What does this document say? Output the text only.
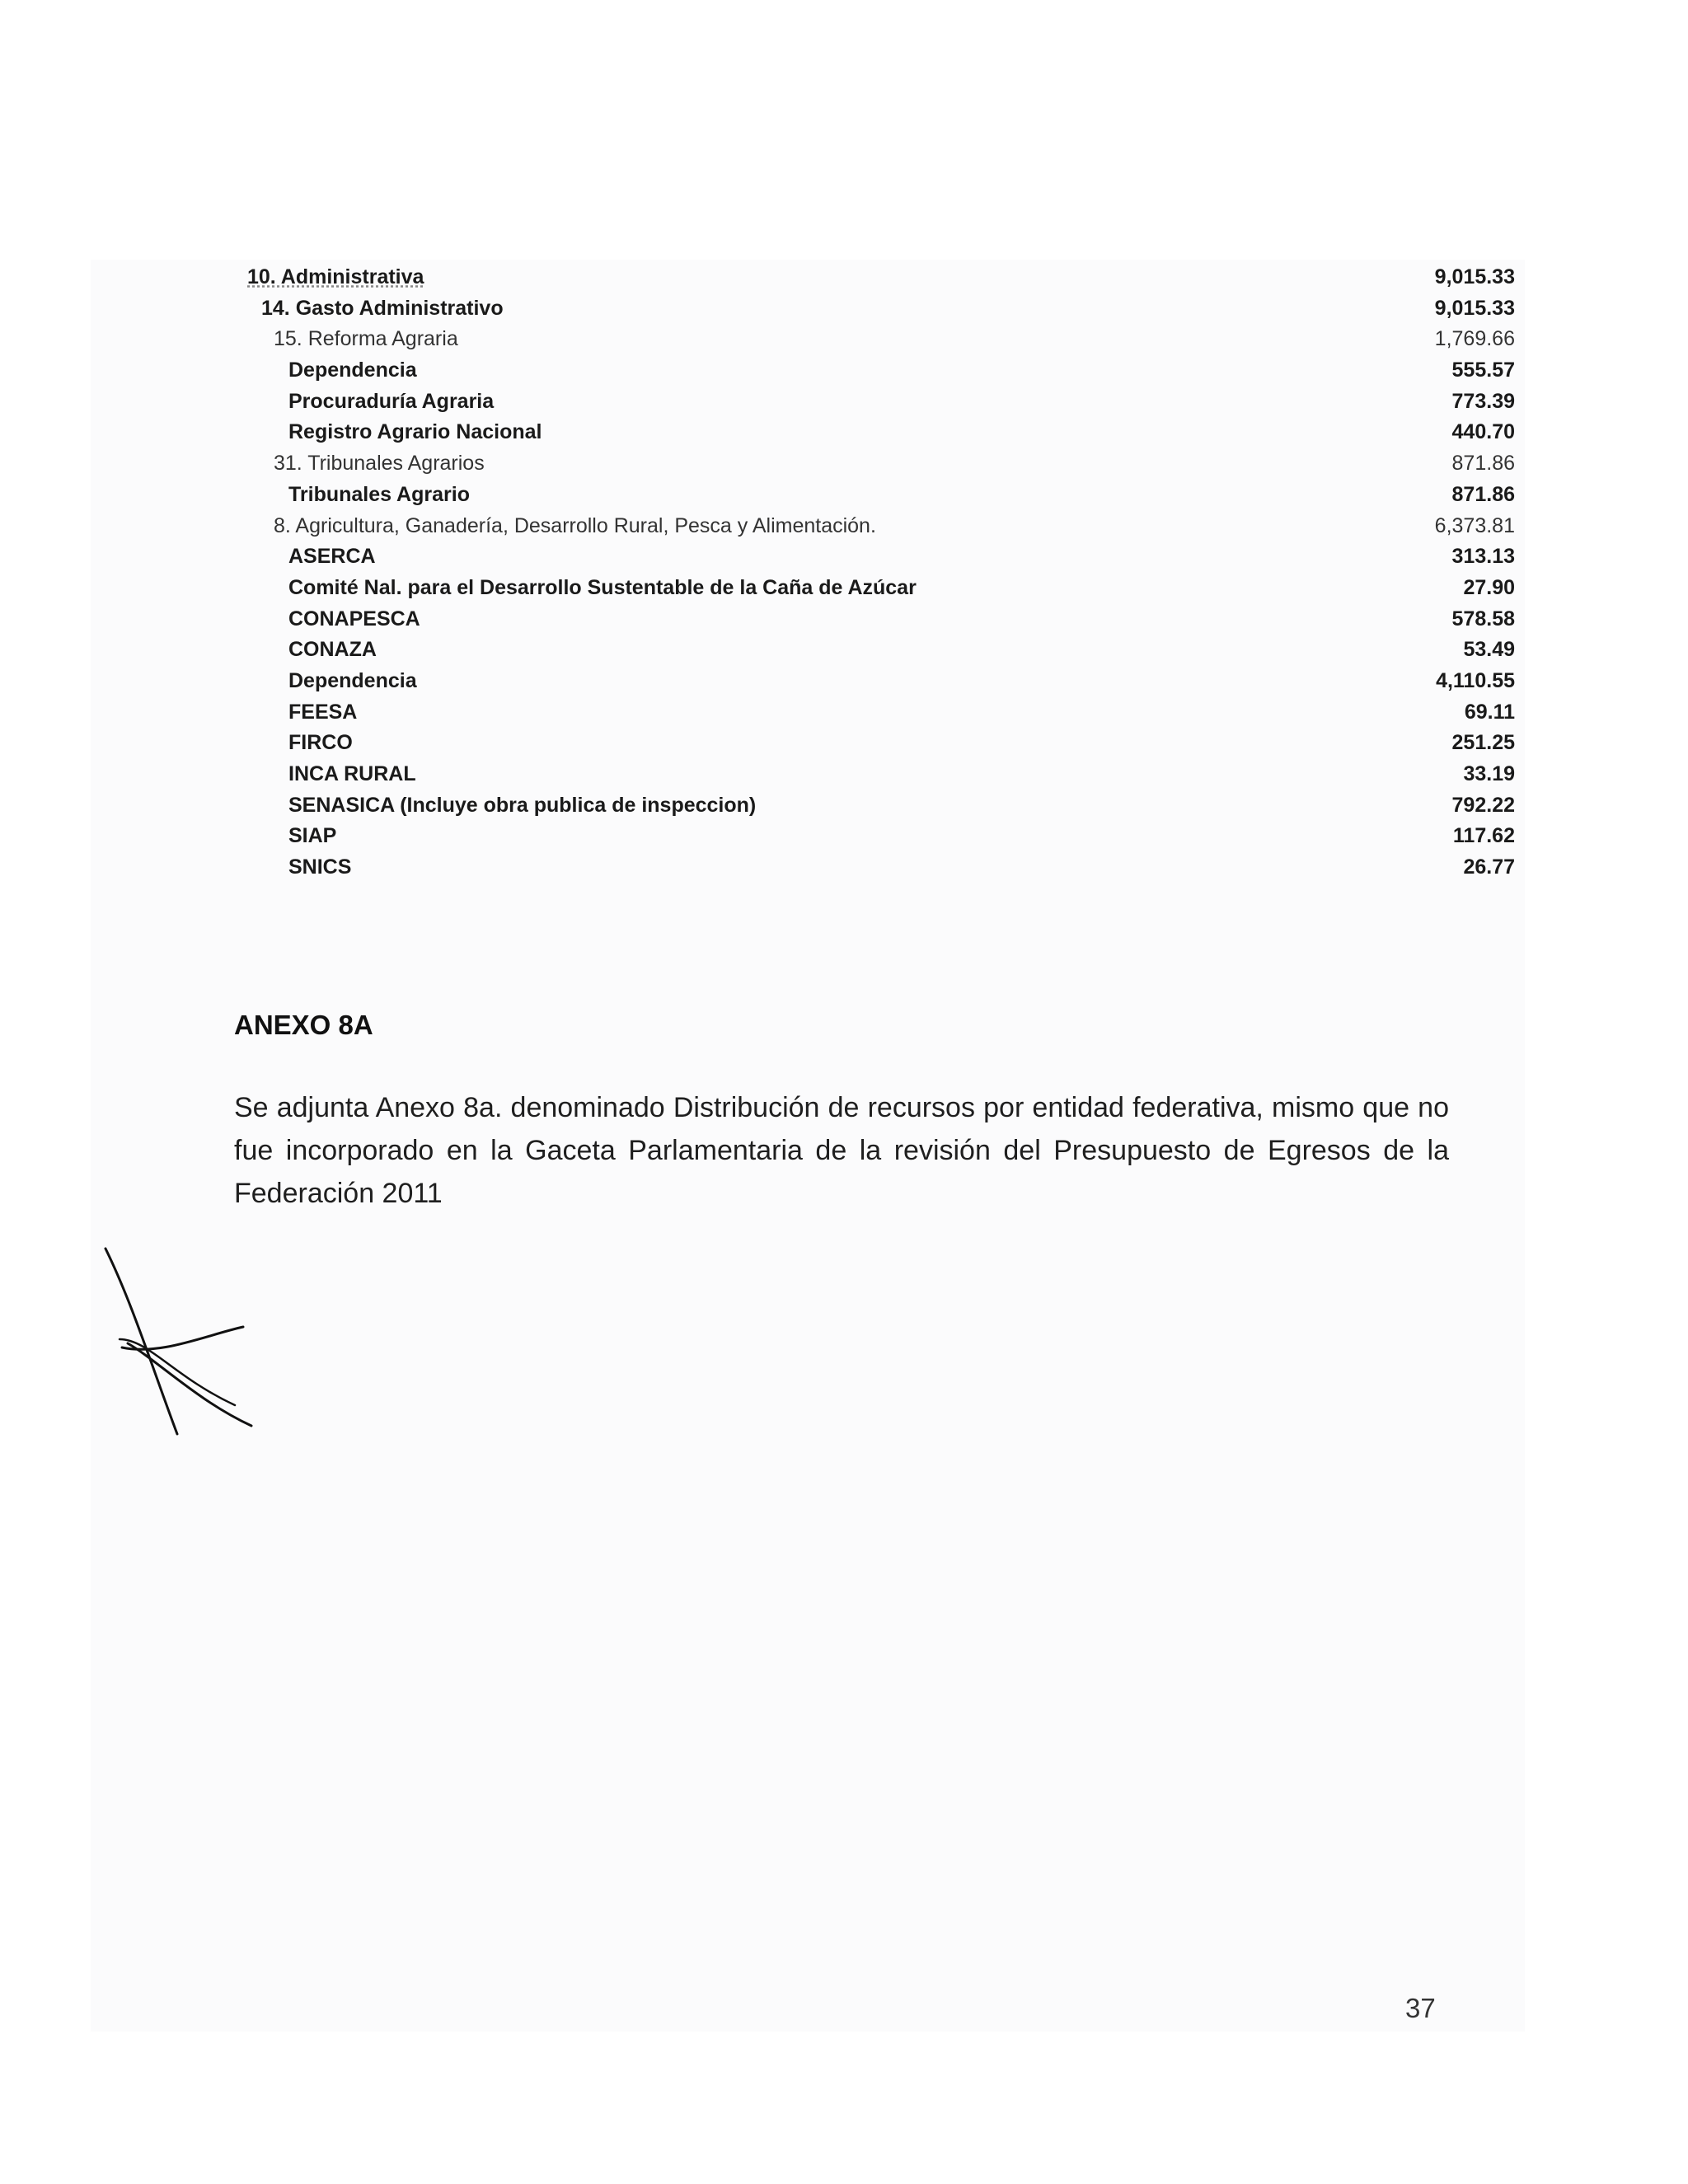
10. Administrativa	9,015.33
14. Gasto Administrativo	9,015.33
15. Reforma Agraria	1,769.66
Dependencia	555.57
Procuraduría Agraria	773.39
Registro Agrario Nacional	440.70
31. Tribunales Agrarios	871.86
Tribunales Agrario	871.86
8. Agricultura, Ganadería, Desarrollo Rural, Pesca y Alimentación.	6,373.81
ASERCA	313.13
Comité Nal. para el Desarrollo Sustentable de la Caña de Azúcar	27.90
CONAPESCA	578.58
CONAZA	53.49
Dependencia	4,110.55
FEESA	69.11
FIRCO	251.25
INCA RURAL	33.19
SENASICA (Incluye obra publica de inspeccion)	792.22
SIAP	117.62
SNICS	26.77
ANEXO 8A
Se adjunta Anexo 8a. denominado Distribución de recursos por entidad federativa, mismo que no fue incorporado en la Gaceta Parlamentaria de la revisión del Presupuesto de Egresos de la Federación 2011
37
